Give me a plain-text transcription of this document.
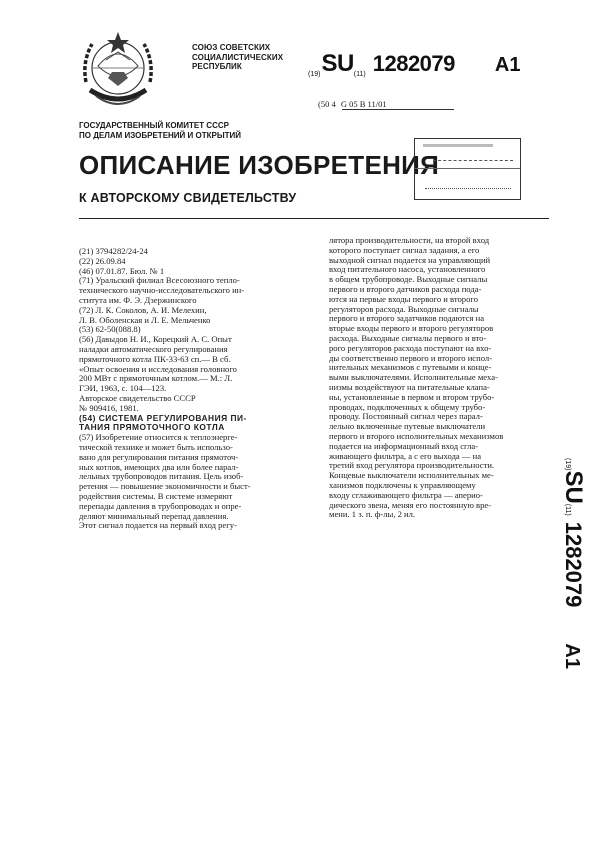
СОЮЗ СОВЕТСКИХ
СОЦИАЛИСТИЧЕСКИХ
РЕСПУБЛИК
(19)SU(11) 1282079 A1
(50 4 G 05 B 11/01
ГОСУДАРСТВЕННЫЙ КОМИТЕТ СССР
ПО ДЕЛАМ ИЗОБРЕТЕНИЙ И ОТКРЫТИЙ
ОПИСАНИЕ ИЗОБРЕТЕНИЯ
К АВТОРСКОМУ СВИДЕТЕЛЬСТВУ

(21) 3794282/24-24

(22) 26.09.84

(46) 07.01.87. Бюл. № 1

(71) Уральский филиал Всесоюзного тепло-

технического научно-исследовательского ин-

ститута им. Ф. Э. Дзержинского

(72) Л. К. Соколов, А. И. Мелехин,

Л. В. Оболенская и Л. Е. Мельченко

(53) 62-50(088.8)

(56) Давыдов Н. И., Корецкий А. С. Опыт

наладки автоматического регулирования

прямоточного котла ПК-33-63 сп.— В сб.

«Опыт освоения и исследования головного

200 МВт с прямоточным котлом.— М.: Л.

ГЭИ, 1963, с. 104—123.

Авторское свидетельство СССР

№ 909416, 1981.

(54) СИСТЕМА РЕГУЛИРОВАНИЯ ПИ-

ТАНИЯ ПРЯМОТОЧНОГО КОТЛА

(57) Изобретение относится к теплоэнерге-

тической технике и может быть использо-

вано для регулирования питания прямоточ-

ных котлов, имеющих два или более парал-

лельных трубопроводов питания. Цель изоб-

ретения — повышение экономичности и быст-

родействия системы. В системе измеряют

перепады давления в трубопроводах и опре-

деляют минимальный перепад давления.

Этот сигнал подается на первый вход регу-

лятора производительности, на второй вход

которого поступает сигнал задания, а его

выходной сигнал подается на управляющий

вход питательного насоса, установленного

в общем трубопроводе. Выходные сигналы

первого и второго датчиков расхода пода-

ются на первые входы первого и второго

регуляторов расхода. Выходные сигналы

первого и второго задатчиков подаются на

вторые входы первого и второго регуляторов

расхода. Выходные сигналы первого и вто-

рого регуляторов расхода поступают на вхо-

ды соответственно первого и второго испол-

нительных механизмов с путевыми и конце-

выми выключателями. Исполнительные меха-

низмы воздействуют на питательные клапа-

ны, установленные в первом и втором трубо-

проводах, подключенных к общему трубо-

проводу. Постоянный сигнал через парал-

лельно включенные путевые выключатели

первого и второго исполнительных механизмов

подается на информационный вход сгла-

живающего фильтра, а с его выхода — на

третий вход регулятора производительности.

Концевые выключатели исполнительных ме-

ханизмов подключены к управляющему

входу сглаживающего фильтра — апериo-

дического звена, меняя его постоянную вре-

мени. 1 з. п. ф-лы, 2 ил.

(19)SU(11)1282079A1
